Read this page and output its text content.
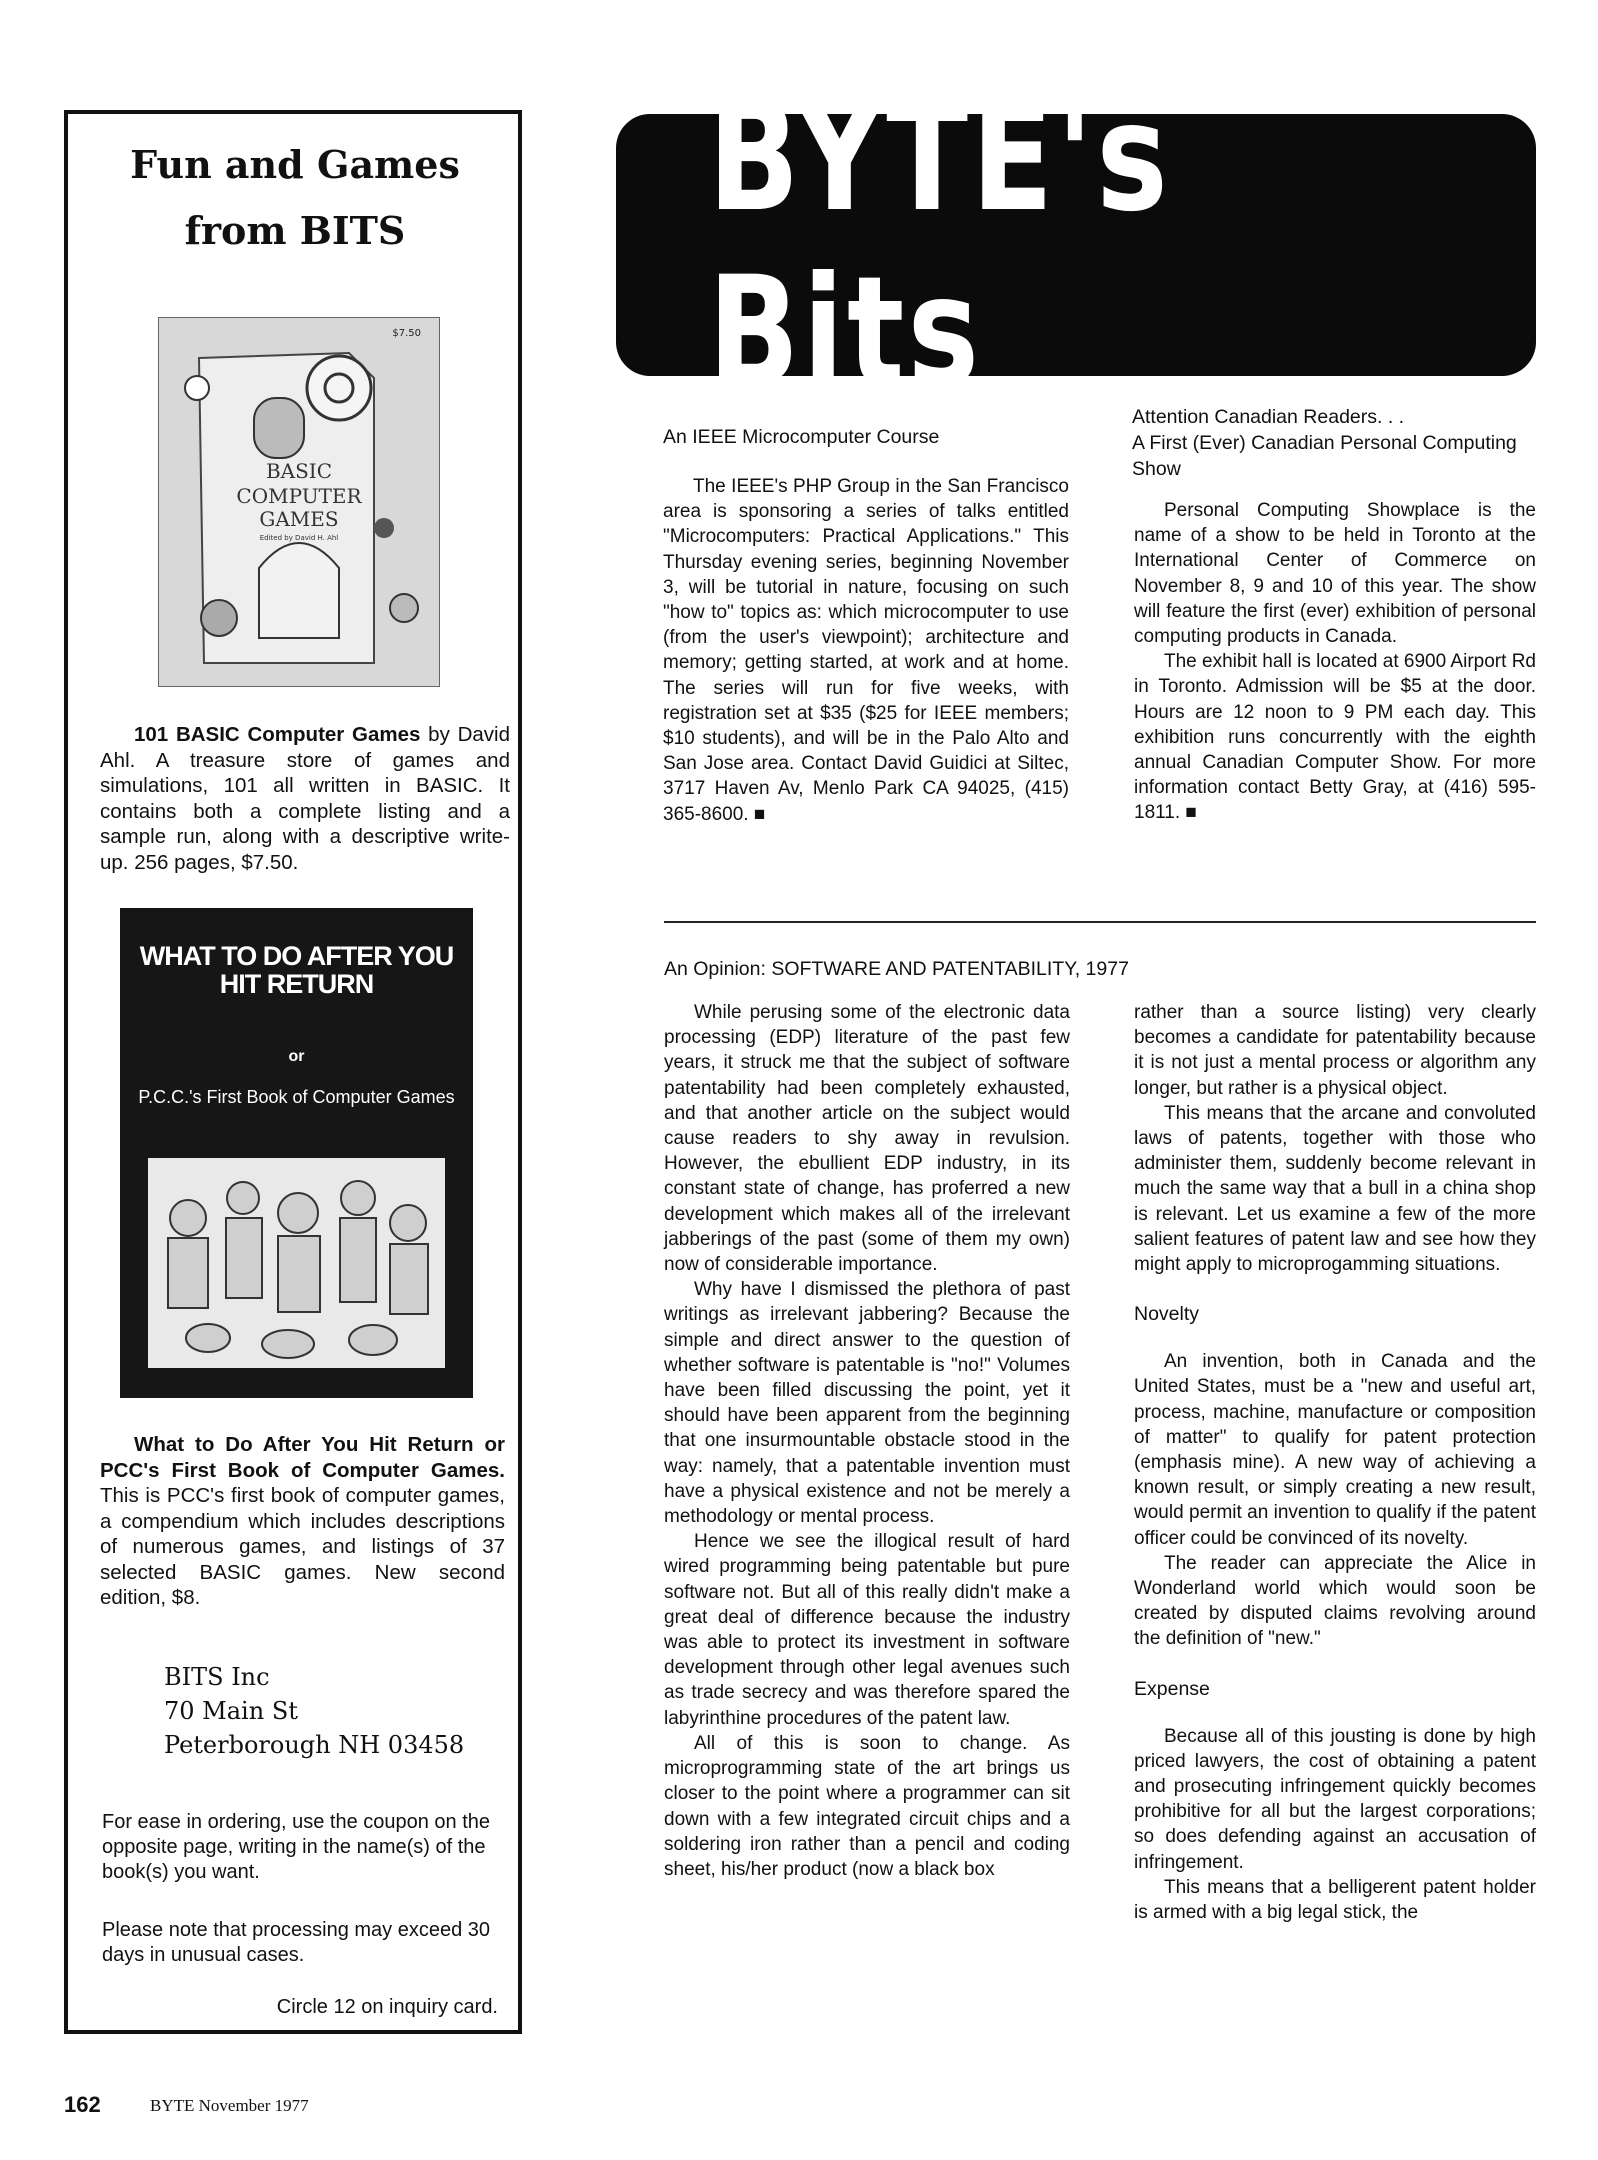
Fun and Games
from BITS
$7.50
BASIC
COMPUTER
GAMES
Edited by David H. Ahl
101 BASIC Computer Games by David Ahl. A treasure store of games and simulations, 101 all written in BASIC. It contains both a complete listing and a sample run, along with a descriptive write-up. 256 pages, $7.50.
WHAT TO DO AFTER YOU HIT RETURN
or
P.C.C.'s First Book of Computer Games
What to Do After You Hit Return or PCC's First Book of Computer Games. This is PCC's first book of computer games, a compendium which includes descriptions of numerous games, and listings of 37 selected BASIC games. New second edition, $8.
BITS Inc
70 Main St
Peterborough NH 03458
For ease in ordering, use the coupon on the opposite page, writing in the name(s) of the book(s) you want.
Please note that processing may exceed 30 days in unusual cases.
Circle 12 on inquiry card.
BYTE's Bits
An IEEE Microcomputer Course

The IEEE's PHP Group in the San Francisco area is sponsoring a series of talks entitled "Microcomputers: Practical Applications." This Thursday evening series, beginning November 3, will be tutorial in nature, focusing on such "how to" topics as: which microcomputer to use (from the user's viewpoint); architecture and memory; getting started, at work and at home. The series will run for five weeks, with registration set at $35 ($25 for IEEE members; $10 students), and will be in the Palo Alto and San Jose area. Contact David Guidici at Siltec, 3717 Haven Av, Menlo Park CA 94025, (415) 365-8600. ■

Attention Canadian Readers. . .
A First (Ever) Canadian Personal Computing Show

Personal Computing Showplace is the name of a show to be held in Toronto at the International Center of Commerce on November 8, 9 and 10 of this year. The show will feature the first (ever) exhibition of personal computing products in Canada.

The exhibit hall is located at 6900 Airport Rd in Toronto. Admission will be $5 at the door. Hours are 12 noon to 9 PM each day. This exhibition runs concurrently with the eighth annual Canadian Computer Show. For more information contact Betty Gray, at (416) 595-1811. ■

An Opinion: SOFTWARE AND PATENTABILITY, 1977

While perusing some of the electronic data processing (EDP) literature of the past few years, it struck me that the subject of software patentability had been completely exhausted, and that another article on the subject would cause readers to shy away in revulsion. However, the ebullient EDP industry, in its constant state of change, has proferred a new development which makes all of the irrelevant jabberings of the past (some of them my own) now of considerable importance.

Why have I dismissed the plethora of past writings as irrelevant jabbering? Because the simple and direct answer to the question of whether software is patentable is "no!" Volumes have been filled discussing the point, yet it should have been apparent from the beginning that one insurmountable obstacle stood in the way: namely, that a patentable invention must have a physical existence and not be merely a methodology or mental process.

Hence we see the illogical result of hard wired programming being patentable but pure software not. But all of this really didn't make a great deal of difference because the industry was able to protect its investment in software development through other legal avenues such as trade secrecy and was therefore spared the labyrinthine procedures of the patent law.

All of this is soon to change. As microprogramming state of the art brings us closer to the point where a programmer can sit down with a few integrated circuit chips and a soldering iron rather than a pencil and coding sheet, his/her product (now a black box

rather than a source listing) very clearly becomes a candidate for patentability because it is not just a mental process or algorithm any longer, but rather is a physical object.

This means that the arcane and convoluted laws of patents, together with those who administer them, suddenly become relevant in much the same way that a bull in a china shop is relevant. Let us examine a few of the more salient features of patent law and see how they might apply to microprogamming situations.

Novelty

An invention, both in Canada and the United States, must be a "new and useful art, process, machine, manufacture or composition of matter" to qualify for patent protection (emphasis mine). A new way of achieving a known result, or simply creating a new result, would permit an invention to qualify if the patent officer could be convinced of its novelty.

The reader can appreciate the Alice in Wonderland world which would soon be created by disputed claims revolving around the definition of "new."

Expense

Because all of this jousting is done by high priced lawyers, the cost of obtaining a patent and prosecuting infringement quickly becomes prohibitive for all but the largest corporations; so does defending against an accusation of infringement.

This means that a belligerent patent holder is armed with a big legal stick, the

162	BYTE November 1977
